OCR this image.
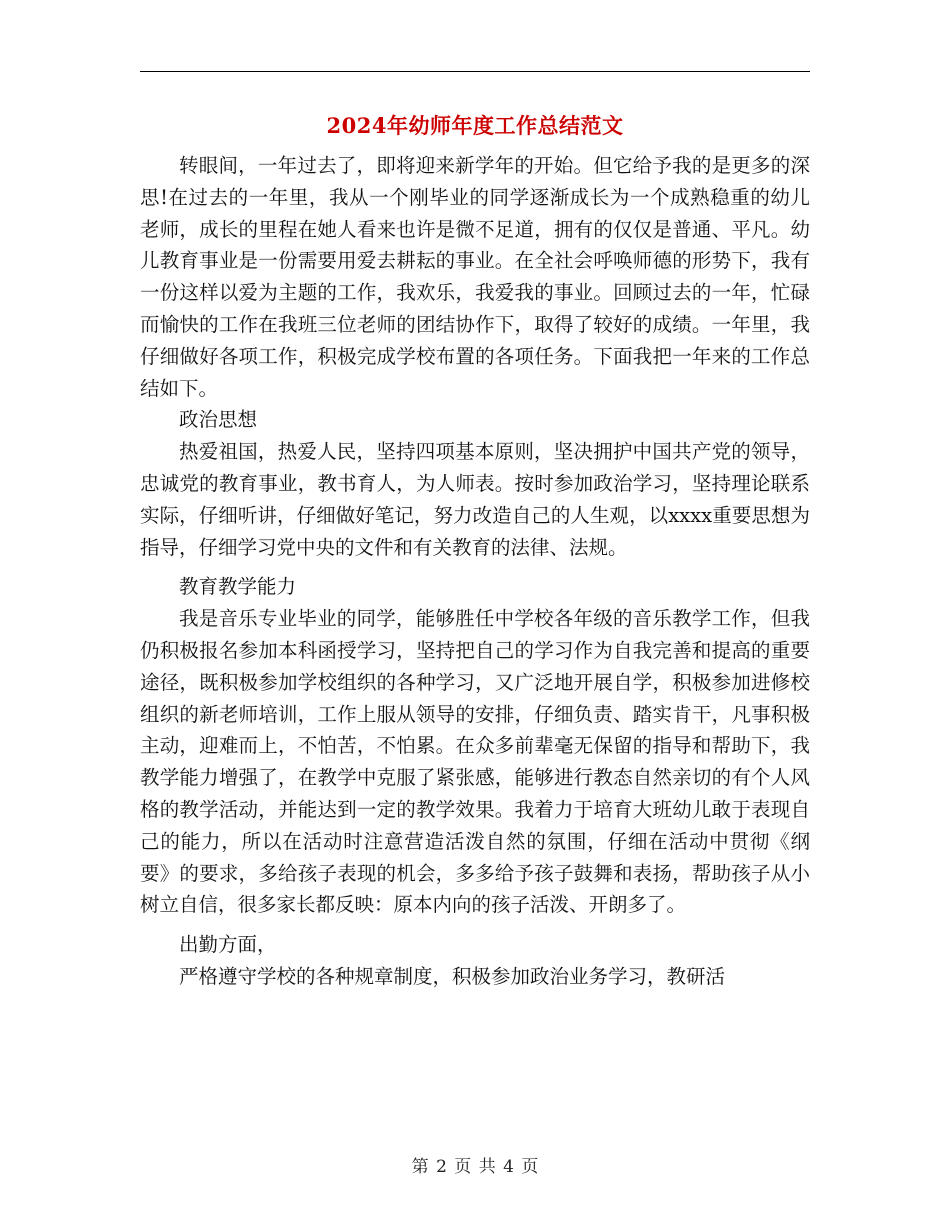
2024年幼师年度工作总结范文

转眼间，一年过去了，即将迎来新学年的开始。但它给予我的是更多的深思!在过去的一年里，我从一个刚毕业的同学逐渐成长为一个成熟稳重的幼儿老师，成长的里程在她人看来也许是微不足道，拥有的仅仅是普通、平凡。幼儿教育事业是一份需要用爱去耕耘的事业。在全社会呼唤师德的形势下，我有一份这样以爱为主题的工作，我欢乐，我爱我的事业。回顾过去的一年，忙碌而愉快的工作在我班三位老师的团结协作下，取得了较好的成绩。一年里，我仔细做好各项工作，积极完成学校布置的各项任务。下面我把一年来的工作总结如下。

政治思想

热爱祖国，热爱人民，坚持四项基本原则，坚决拥护中国共产党的领导，忠诚党的教育事业，教书育人，为人师表。按时参加政治学习，坚持理论联系实际，仔细听讲，仔细做好笔记，努力改造自己的人生观，以xxxx重要思想为指导，仔细学习党中央的文件和有关教育的法律、法规。

教育教学能力

我是音乐专业毕业的同学，能够胜任中学校各年级的音乐教学工作，但我仍积极报名参加本科函授学习，坚持把自己的学习作为自我完善和提高的重要途径，既积极参加学校组织的各种学习，又广泛地开展自学，积极参加进修校组织的新老师培训，工作上服从领导的安排，仔细负责、踏实肯干，凡事积极主动，迎难而上，不怕苦，不怕累。在众多前辈毫无保留的指导和帮助下，我教学能力增强了，在教学中克服了紧张感，能够进行教态自然亲切的有个人风格的教学活动，并能达到一定的教学效果。我着力于培育大班幼儿敢于表现自己的能力，所以在活动时注意营造活泼自然的氛围，仔细在活动中贯彻《纲要》的要求，多给孩子表现的机会，多多给予孩子鼓舞和表扬，帮助孩子从小树立自信，很多家长都反映：原本内向的孩子活泼、开朗多了。

出勤方面，

严格遵守学校的各种规章制度，积极参加政治业务学习，教研活

第 2 页 共 4 页
